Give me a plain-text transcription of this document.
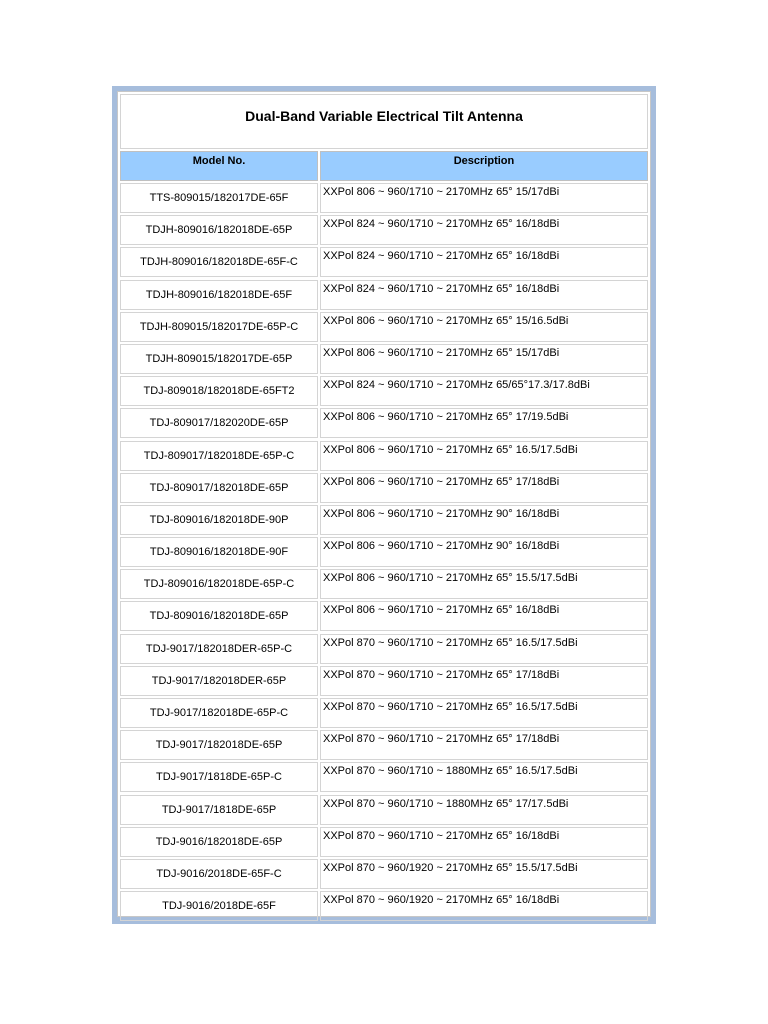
Dual-Band Variable Electrical Tilt Antenna
Model No.	Description
TTS-809015/182017DE-65F	XXPol 806 ~ 960/1710 ~ 2170MHz 65° 15/17dBi
TDJH-809016/182018DE-65P	XXPol 824 ~ 960/1710 ~ 2170MHz 65° 16/18dBi
TDJH-809016/182018DE-65F-C	XXPol 824 ~ 960/1710 ~ 2170MHz 65° 16/18dBi
TDJH-809016/182018DE-65F	XXPol 824 ~ 960/1710 ~ 2170MHz 65° 16/18dBi
TDJH-809015/182017DE-65P-C	XXPol 806 ~ 960/1710 ~ 2170MHz 65° 15/16.5dBi
TDJH-809015/182017DE-65P	XXPol 806 ~ 960/1710 ~ 2170MHz 65° 15/17dBi
TDJ-809018/182018DE-65FT2	XXPol 824 ~ 960/1710 ~ 2170MHz 65/65°17.3/17.8dBi
TDJ-809017/182020DE-65P	XXPol 806 ~ 960/1710 ~ 2170MHz 65° 17/19.5dBi
TDJ-809017/182018DE-65P-C	XXPol 806 ~ 960/1710 ~ 2170MHz 65° 16.5/17.5dBi
TDJ-809017/182018DE-65P	XXPol 806 ~ 960/1710 ~ 2170MHz 65° 17/18dBi
TDJ-809016/182018DE-90P	XXPol 806 ~ 960/1710 ~ 2170MHz 90° 16/18dBi
TDJ-809016/182018DE-90F	XXPol 806 ~ 960/1710 ~ 2170MHz 90° 16/18dBi
TDJ-809016/182018DE-65P-C	XXPol 806 ~ 960/1710 ~ 2170MHz 65° 15.5/17.5dBi
TDJ-809016/182018DE-65P	XXPol 806 ~ 960/1710 ~ 2170MHz 65° 16/18dBi
TDJ-9017/182018DER-65P-C	XXPol 870 ~ 960/1710 ~ 2170MHz 65° 16.5/17.5dBi
TDJ-9017/182018DER-65P	XXPol 870 ~ 960/1710 ~ 2170MHz 65° 17/18dBi
TDJ-9017/182018DE-65P-C	XXPol 870 ~ 960/1710 ~ 2170MHz 65° 16.5/17.5dBi
TDJ-9017/182018DE-65P	XXPol 870 ~ 960/1710 ~ 2170MHz 65° 17/18dBi
TDJ-9017/1818DE-65P-C	XXPol 870 ~ 960/1710 ~ 1880MHz 65° 16.5/17.5dBi
TDJ-9017/1818DE-65P	XXPol 870 ~ 960/1710 ~ 1880MHz 65° 17/17.5dBi
TDJ-9016/182018DE-65P	XXPol 870 ~ 960/1710 ~ 2170MHz 65° 16/18dBi
TDJ-9016/2018DE-65F-C	XXPol 870 ~ 960/1920 ~ 2170MHz 65° 15.5/17.5dBi
TDJ-9016/2018DE-65F	XXPol 870 ~ 960/1920 ~ 2170MHz 65° 16/18dBi
